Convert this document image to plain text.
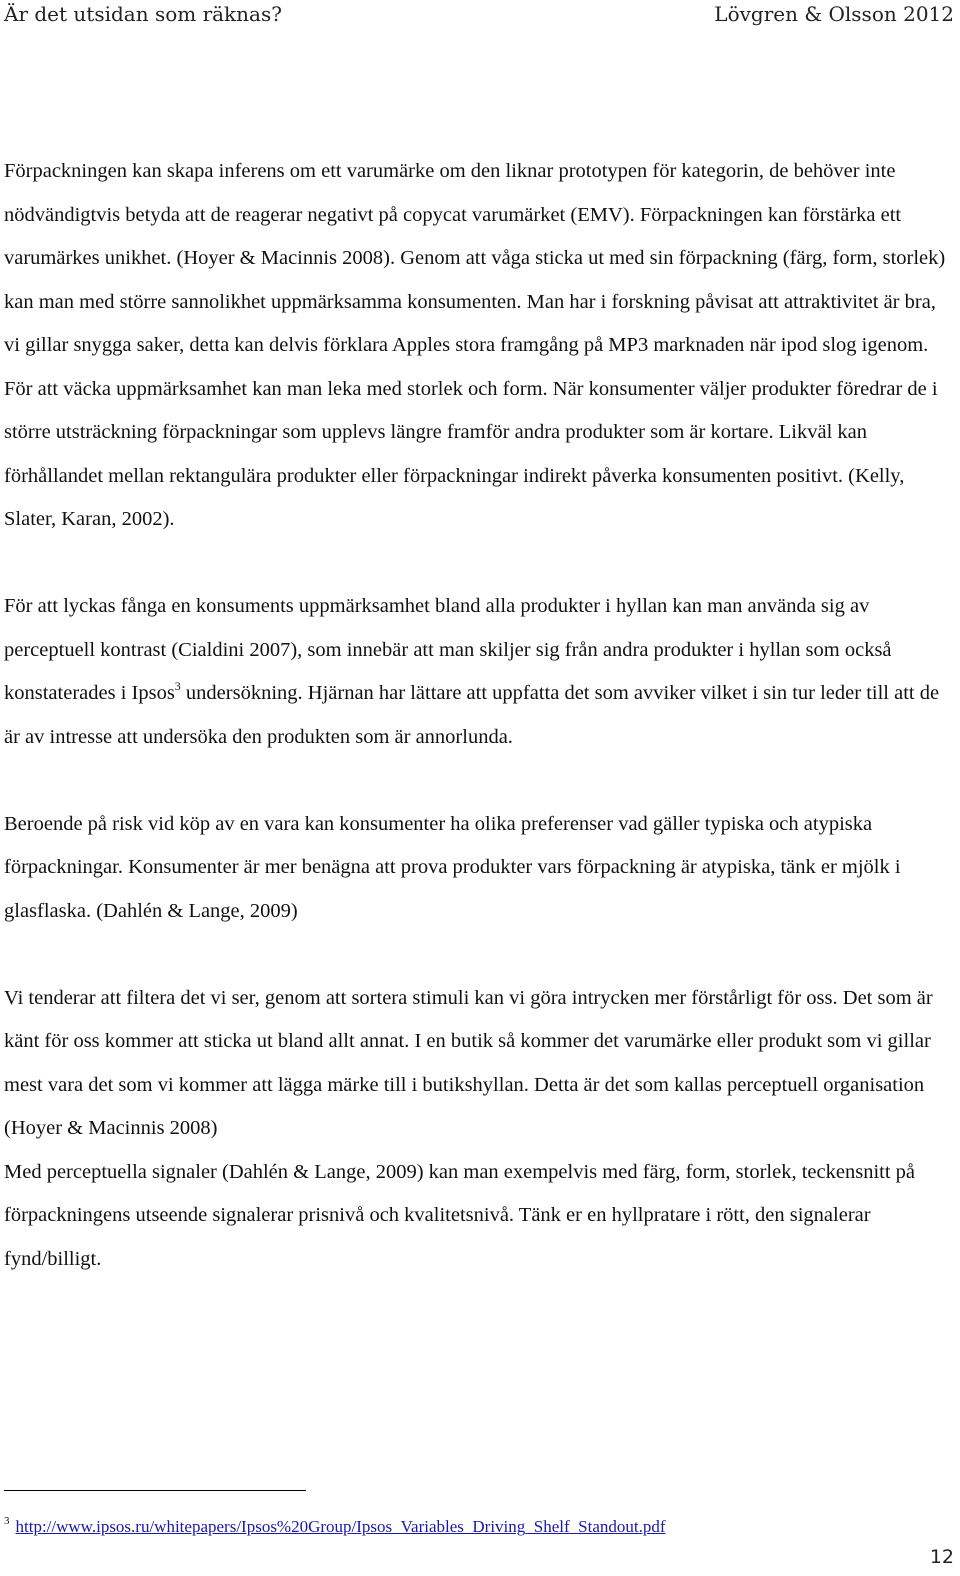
Är det utsidan som räknas?	Lövgren & Olsson 2012

Förpackningen kan skapa inferens om ett varumärke om den liknar prototypen för kategorin, de behöver inte nödvändigtvis betyda att de reagerar negativt på copycat varumärket (EMV). Förpackningen kan förstärka ett varumärkes unikhet. (Hoyer & Macinnis 2008). Genom att våga sticka ut med sin förpackning (färg, form, storlek) kan man med större sannolikhet uppmärksamma konsumenten. Man har i forskning påvisat att attraktivitet är bra, vi gillar snygga saker, detta kan delvis förklara Apples stora framgång på MP3 marknaden när ipod slog igenom.

För att väcka uppmärksamhet kan man leka med storlek och form. När konsumenter väljer produkter föredrar de i större utsträckning förpackningar som upplevs längre framför andra produkter som är kortare. Likväl kan förhållandet mellan rektangulära produkter eller förpackningar indirekt påverka konsumenten positivt. (Kelly, Slater, Karan, 2002).

För att lyckas fånga en konsuments uppmärksamhet bland alla produkter i hyllan kan man använda sig av perceptuell kontrast (Cialdini 2007), som innebär att man skiljer sig från andra produkter i hyllan som också konstaterades i Ipsos$^3$ undersökning. Hjärnan har lättare att uppfatta det som avviker vilket i sin tur leder till att de är av intresse att undersöka den produkten som är annorlunda.

Beroende på risk vid köp av en vara kan konsumenter ha olika preferenser vad gäller typiska och atypiska förpackningar. Konsumenter är mer benägna att prova produkter vars förpackning är atypiska, tänk er mjölk i glasflaska. (Dahlén & Lange, 2009)

Vi tenderar att filtera det vi ser, genom att sortera stimuli kan vi göra intrycken mer förstårligt för oss. Det som är känt för oss kommer att sticka ut bland allt annat. I en butik så kommer det varumärke eller produkt som vi gillar mest vara det som vi kommer att lägga märke till i butikshyllan. Detta är det som kallas perceptuell organisation (Hoyer & Macinnis 2008)

Med perceptuella signaler (Dahlén & Lange, 2009) kan man exempelvis med färg, form, storlek, teckensnitt på förpackningens utseende signalerar prisnivå och kvalitetsnivå. Tänk er en hyllpratare i rött, den signalerar fynd/billigt.

$^3$ http://www.ipsos.ru/whitepapers/Ipsos%20Group/Ipsos_Variables_Driving_Shelf_Standout.pdf
12
